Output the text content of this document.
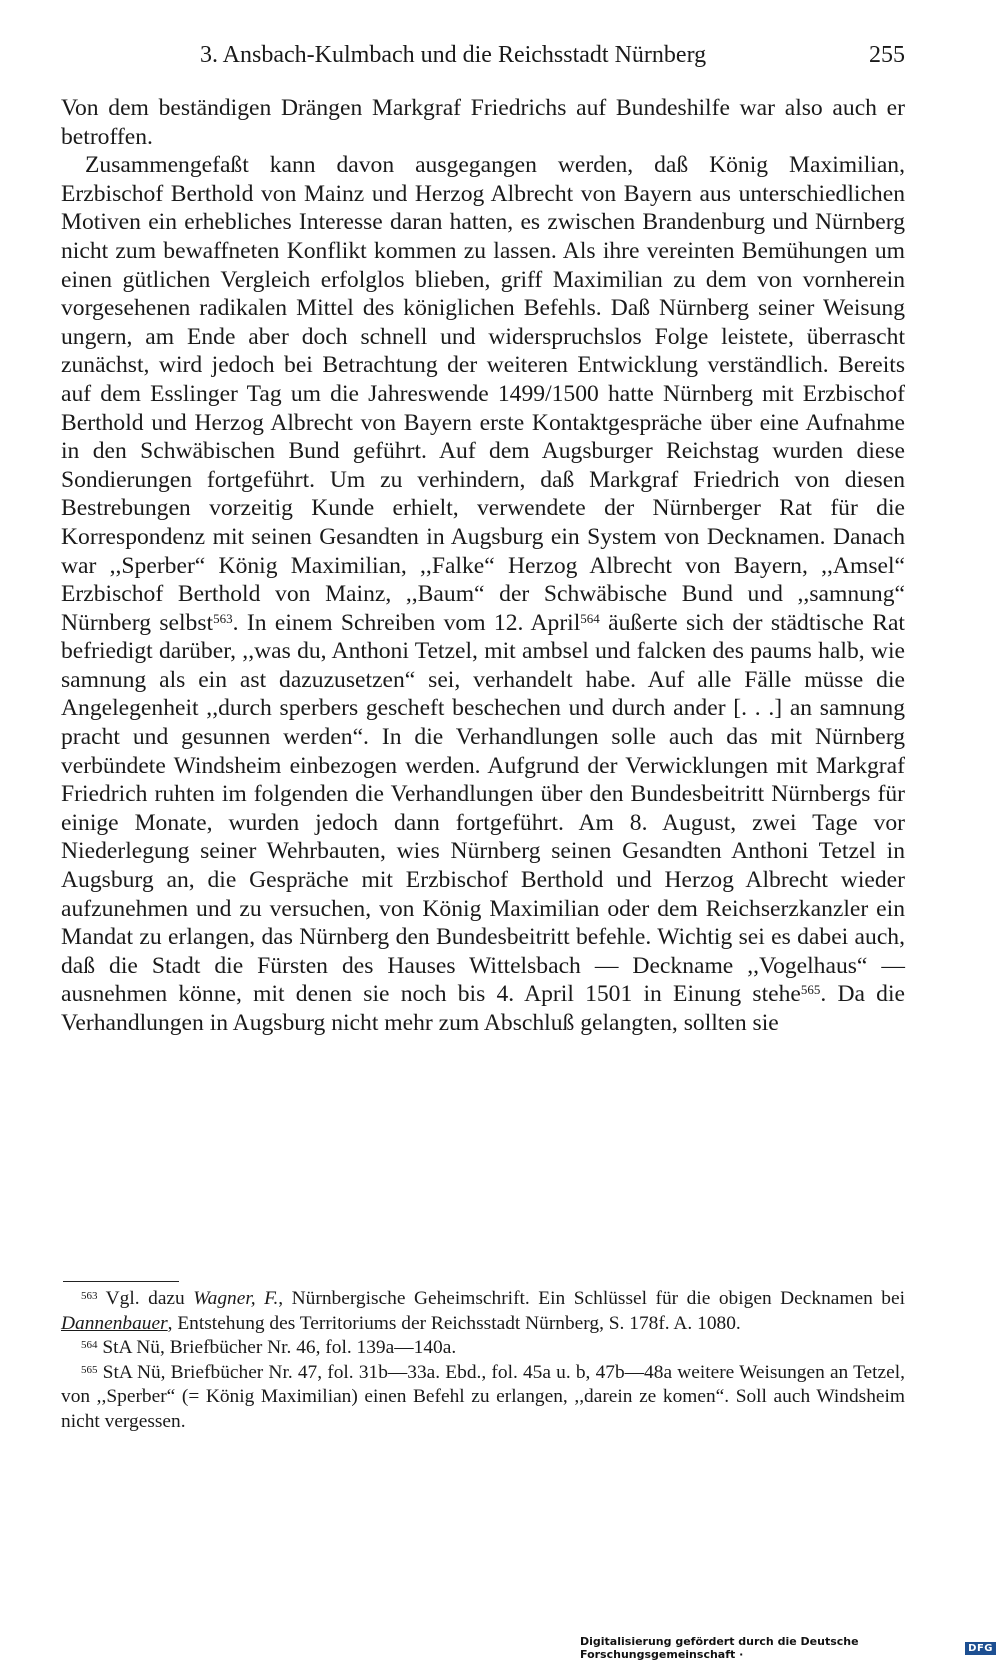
3. Ansbach-Kulmbach und die Reichsstadt Nürnberg	255

Von dem beständigen Drängen Markgraf Friedrichs auf Bundeshilfe war also auch er betroffen.

Zusammengefaßt kann davon ausgegangen werden, daß König Maximilian, Erzbischof Berthold von Mainz und Herzog Albrecht von Bayern aus unterschiedlichen Motiven ein erhebliches Interesse daran hatten, es zwischen Brandenburg und Nürnberg nicht zum bewaffneten Konflikt kommen zu lassen. Als ihre vereinten Bemühungen um einen gütlichen Vergleich erfolglos blieben, griff Maximilian zu dem von vornherein vorgesehenen radikalen Mittel des königlichen Befehls. Daß Nürnberg seiner Weisung ungern, am Ende aber doch schnell und widerspruchslos Folge leistete, überrascht zunächst, wird jedoch bei Betrachtung der weiteren Entwicklung verständlich. Bereits auf dem Esslinger Tag um die Jahreswende 1499/1500 hatte Nürnberg mit Erzbischof Berthold und Herzog Albrecht von Bayern erste Kontaktgespräche über eine Aufnahme in den Schwäbischen Bund geführt. Auf dem Augsburger Reichstag wurden diese Sondierungen fortgeführt. Um zu verhindern, daß Markgraf Friedrich von diesen Bestrebungen vorzeitig Kunde erhielt, verwendete der Nürnberger Rat für die Korrespondenz mit seinen Gesandten in Augsburg ein System von Decknamen. Danach war ,,Sperber“ König Maximilian, ,,Falke“ Herzog Albrecht von Bayern, ,,Amsel“ Erzbischof Berthold von Mainz, ,,Baum“ der Schwäbische Bund und ,,samnung“ Nürnberg selbst$^{563}$. In einem Schreiben vom 12. April$^{564}$ äußerte sich der städtische Rat befriedigt darüber, ,,was du, Anthoni Tetzel, mit ambsel und falcken des paums halb, wie samnung als ein ast dazuzusetzen“ sei, verhandelt habe. Auf alle Fälle müsse die Angelegenheit ,,durch sperbers gescheft beschechen und durch ander [. . .] an samnung pracht und gesunnen werden“. In die Verhandlungen solle auch das mit Nürnberg verbündete Windsheim einbezogen werden. Aufgrund der Verwicklungen mit Markgraf Friedrich ruhten im folgenden die Verhandlungen über den Bundesbeitritt Nürnbergs für einige Monate, wurden jedoch dann fortgeführt. Am 8. August, zwei Tage vor Niederlegung seiner Wehrbauten, wies Nürnberg seinen Gesandten Anthoni Tetzel in Augsburg an, die Gespräche mit Erzbischof Berthold und Herzog Albrecht wieder aufzunehmen und zu versuchen, von König Maximilian oder dem Reichserzkanzler ein Mandat zu erlangen, das Nürnberg den Bundesbeitritt befehle. Wichtig sei es dabei auch, daß die Stadt die Fürsten des Hauses Wittelsbach — Deckname ,,Vogelhaus“ — ausnehmen könne, mit denen sie noch bis 4. April 1501 in Einung stehe$^{565}$. Da die Verhandlungen in Augsburg nicht mehr zum Abschluß gelangten, sollten sie

$^{563}$ Vgl. dazu Wagner, F., Nürnbergische Geheimschrift. Ein Schlüssel für die obigen Decknamen bei Dannenbauer, Entstehung des Territoriums der Reichsstadt Nürnberg, S. 178f. A. 1080.

$^{564}$ StA Nü, Briefbücher Nr. 46, fol. 139a—140a.

$^{565}$ StA Nü, Briefbücher Nr. 47, fol. 31b—33a. Ebd., fol. 45a u. b, 47b—48a weitere Weisungen an Tetzel, von ,,Sperber“ (= König Maximilian) einen Befehl zu erlangen, ,,darein ze komen“. Soll auch Windsheim nicht vergessen.

Digitalisierung gefördert durch die Deutsche Forschungsgemeinschaft ·	DFG
